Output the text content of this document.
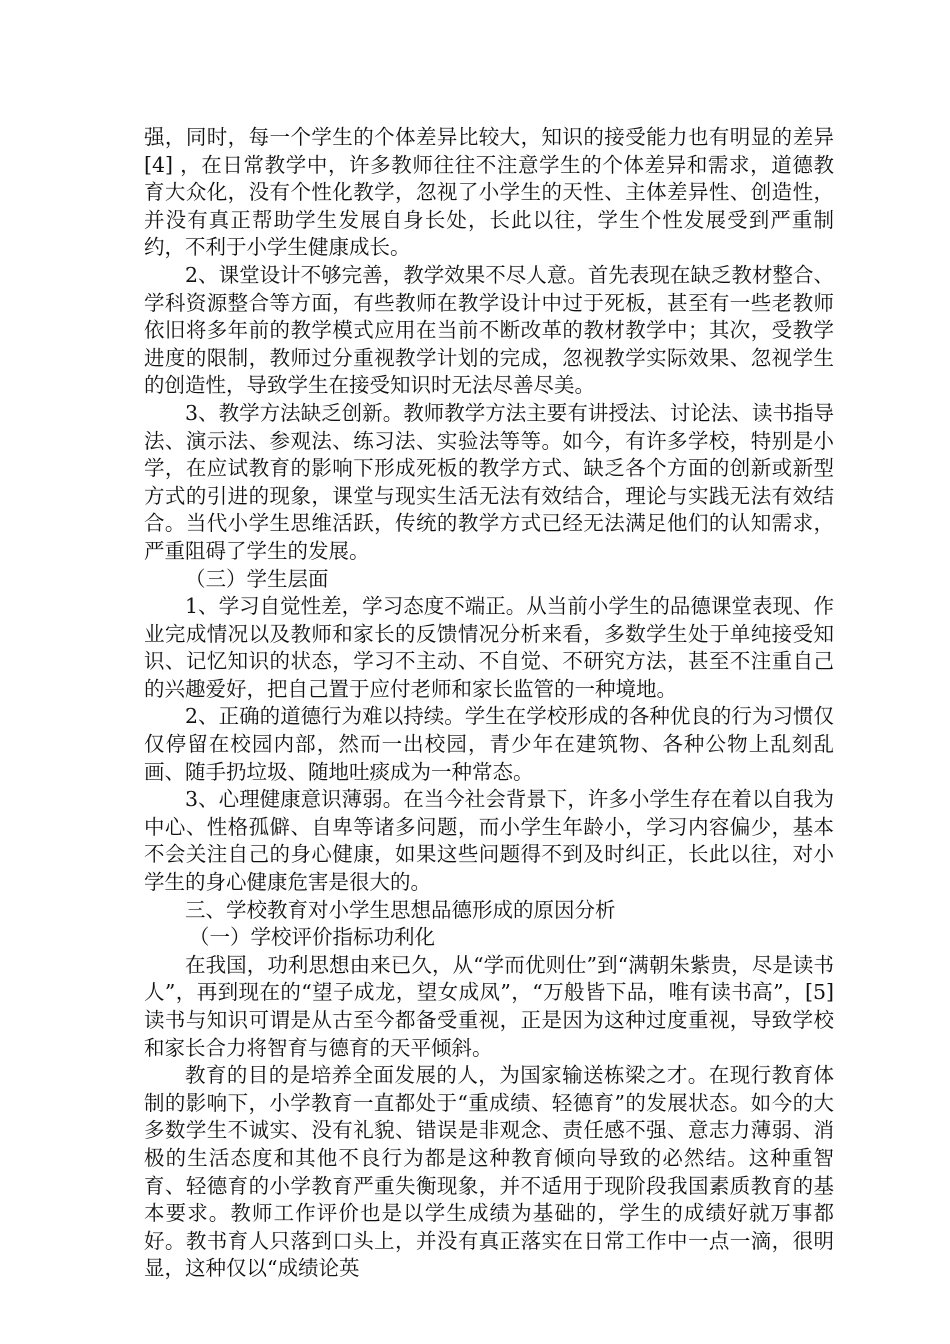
强，同时，每一个学生的个体差异比较大，知识的接受能力也有明显的差异 [4] ，在日常教学中，许多教师往往不注意学生的个体差异和需求，道德教育大众化，没有个性化教学，忽视了小学生的天性、主体差异性、创造性，并没有真正帮助学生发展自身长处，长此以往，学生个性发展受到严重制约，不利于小学生健康成长。

2、课堂设计不够完善，教学效果不尽人意。首先表现在缺乏教材整合、学科资源整合等方面，有些教师在教学设计中过于死板，甚至有一些老教师依旧将多年前的教学模式应用在当前不断改革的教材教学中；其次，受教学进度的限制，教师过分重视教学计划的完成，忽视教学实际效果、忽视学生的创造性，导致学生在接受知识时无法尽善尽美。

3、教学方法缺乏创新。教师教学方法主要有讲授法、讨论法、读书指导法、演示法、参观法、练习法、实验法等等。如今，有许多学校，特别是小学，在应试教育的影响下形成死板的教学方式、缺乏各个方面的创新或新型方式的引进的现象，课堂与现实生活无法有效结合，理论与实践无法有效结合。当代小学生思维活跃，传统的教学方式已经无法满足他们的认知需求，严重阻碍了学生的发展。

（三）学生层面

1、学习自觉性差，学习态度不端正。从当前小学生的品德课堂表现、作业完成情况以及教师和家长的反馈情况分析来看，多数学生处于单纯接受知识、记忆知识的状态，学习不主动、不自觉、不研究方法，甚至不注重自己的兴趣爱好，把自己置于应付老师和家长监管的一种境地。

2、正确的道德行为难以持续。学生在学校形成的各种优良的行为习惯仅仅停留在校园内部，然而一出校园，青少年在建筑物、各种公物上乱刻乱画、随手扔垃圾、随地吐痰成为一种常态。

3、心理健康意识薄弱。在当今社会背景下，许多小学生存在着以自我为中心、性格孤僻、自卑等诸多问题，而小学生年龄小，学习内容偏少，基本不会关注自己的身心健康，如果这些问题得不到及时纠正，长此以往，对小学生的身心健康危害是很大的。

三、学校教育对小学生思想品德形成的原因分析

（一）学校评价指标功利化

在我国，功利思想由来已久，从“学而优则仕”到“满朝朱紫贵，尽是读书人”，再到现在的“望子成龙，望女成凤”，“万般皆下品，唯有读书高”，[5]读书与知识可谓是从古至今都备受重视，正是因为这种过度重视，导致学校和家长合力将智育与德育的天平倾斜。

教育的目的是培养全面发展的人，为国家输送栋梁之才。在现行教育体制的影响下，小学教育一直都处于“重成绩、轻德育”的发展状态。如今的大多数学生不诚实、没有礼貌、错误是非观念、责任感不强、意志力薄弱、消极的生活态度和其他不良行为都是这种教育倾向导致的必然结。这种重智育、轻德育的小学教育严重失衡现象，并不适用于现阶段我国素质教育的基本要求。教师工作评价也是以学生成绩为基础的，学生的成绩好就万事都好。教书育人只落到口头上，并没有真正落实在日常工作中一点一滴，很明显，这种仅以“成绩论英
